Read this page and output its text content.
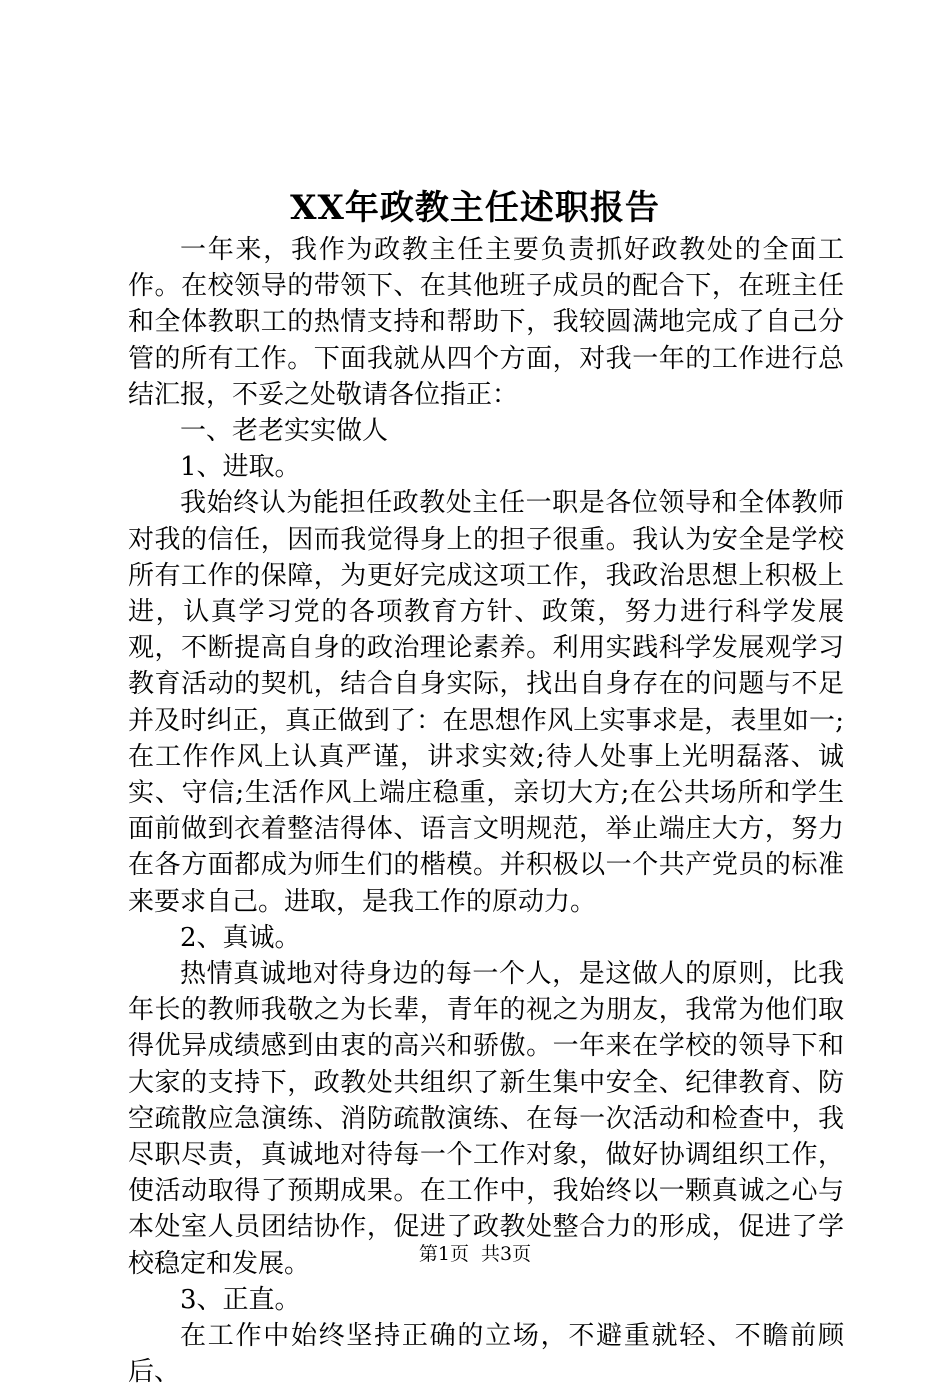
XX年政教主任述职报告

一年来，我作为政教主任主要负责抓好政教处的全面工作。在校领导的带领下、在其他班子成员的配合下，在班主任和全体教职工的热情支持和帮助下，我较圆满地完成了自己分管的所有工作。下面我就从四个方面，对我一年的工作进行总结汇报，不妥之处敬请各位指正：

一、老老实实做人

1、进取。

我始终认为能担任政教处主任一职是各位领导和全体教师对我的信任，因而我觉得身上的担子很重。我认为安全是学校所有工作的保障，为更好完成这项工作，我政治思想上积极上进，认真学习党的各项教育方针、政策，努力进行科学发展观，不断提高自身的政治理论素养。利用实践科学发展观学习教育活动的契机，结合自身实际，找出自身存在的问题与不足并及时纠正，真正做到了：在思想作风上实事求是，表里如一;在工作作风上认真严谨，讲求实效;待人处事上光明磊落、诚实、守信;生活作风上端庄稳重，亲切大方;在公共场所和学生面前做到衣着整洁得体、语言文明规范，举止端庄大方，努力在各方面都成为师生们的楷模。并积极以一个共产党员的标准来要求自己。进取，是我工作的原动力。

2、真诚。

热情真诚地对待身边的每一个人，是这做人的原则，比我年长的教师我敬之为长辈，青年的视之为朋友，我常为他们取得优异成绩感到由衷的高兴和骄傲。一年来在学校的领导下和大家的支持下，政教处共组织了新生集中安全、纪律教育、防空疏散应急演练、消防疏散演练、在每一次活动和检查中，我尽职尽责，真诚地对待每一个工作对象，做好协调组织工作，使活动取得了预期成果。在工作中，我始终以一颗真诚之心与本处室人员团结协作，促进了政教处整合力的形成，促进了学校稳定和发展。

3、正直。

在工作中始终坚持正确的立场，不避重就轻、不瞻前顾后、

第1页 共3页
